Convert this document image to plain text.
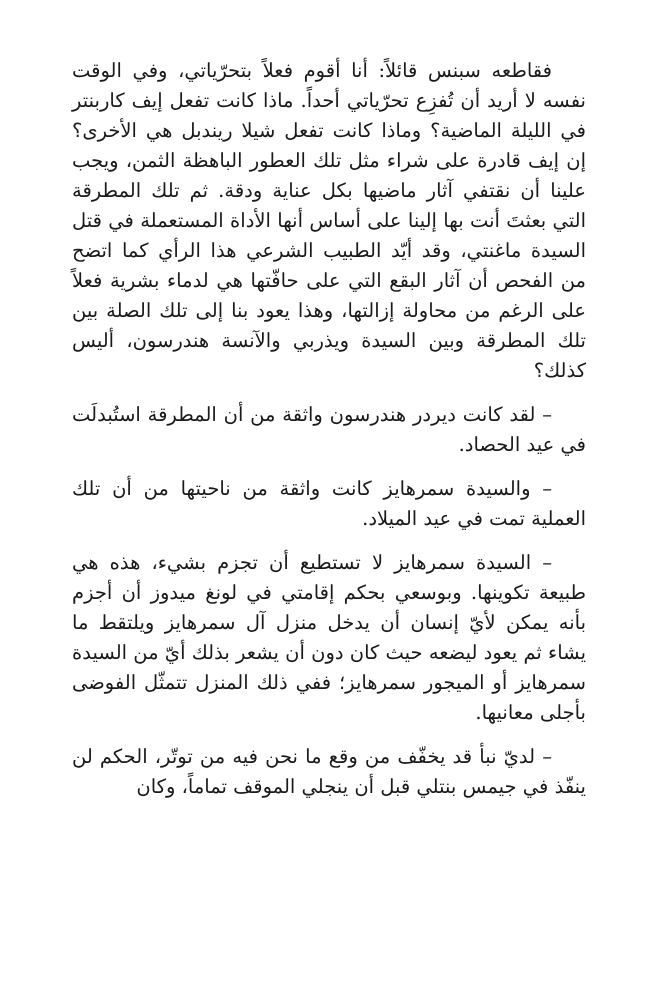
فقاطعه سبنس قائلاً: أنا أقوم فعلاً بتحرّياتي، وفي الوقت نفسه لا أريد أن تُفزِع تحرّياتي أحداً. ماذا كانت تفعل إيف كاربنتر في الليلة الماضية؟ وماذا كانت تفعل شيلا ريندبل هي الأخرى؟ إن إيف قادرة على شراء مثل تلك العطور الباهظة الثمن، ويجب علينا أن نقتفي آثار ماضيها بكل عناية ودقة. ثم تلك المطرقة التي بعثتَ أنت بها إلينا على أساس أنها الأداة المستعملة في قتل السيدة ماغنتي، وقد أيّد الطبيب الشرعي هذا الرأي كما اتضح من الفحص أن آثار البقع التي على حافّتها هي لدماء بشرية فعلاً على الرغم من محاولة إزالتها، وهذا يعود بنا إلى تلك الصلة بين تلك المطرقة وبين السيدة ويذربي والآنسة هندرسون، أليس كذلك؟

– لقد كانت ديردر هندرسون واثقة من أن المطرقة استُبدلَت في عيد الحصاد.

– والسيدة سمرهايز كانت واثقة من ناحيتها من أن تلك العملية تمت في عيد الميلاد.

– السيدة سمرهايز لا تستطيع أن تجزم بشيء، هذه هي طبيعة تكوينها. وبوسعي بحكم إقامتي في لونغ ميدوز أن أجزم بأنه يمكن لأيّ إنسان أن يدخل منزل آل سمرهايز ويلتقط ما يشاء ثم يعود ليضعه حيث كان دون أن يشعر بذلك أيّ من السيدة سمرهايز أو الميجور سمرهايز؛ ففي ذلك المنزل تتمثّل الفوضى بأجلى معانيها.

– لديّ نبأ قد يخفّف من وقع ما نحن فيه من توتّر، الحكم لن ينفّذ في جيمس بنتلي قبل أن ينجلي الموقف تماماً، وكان
